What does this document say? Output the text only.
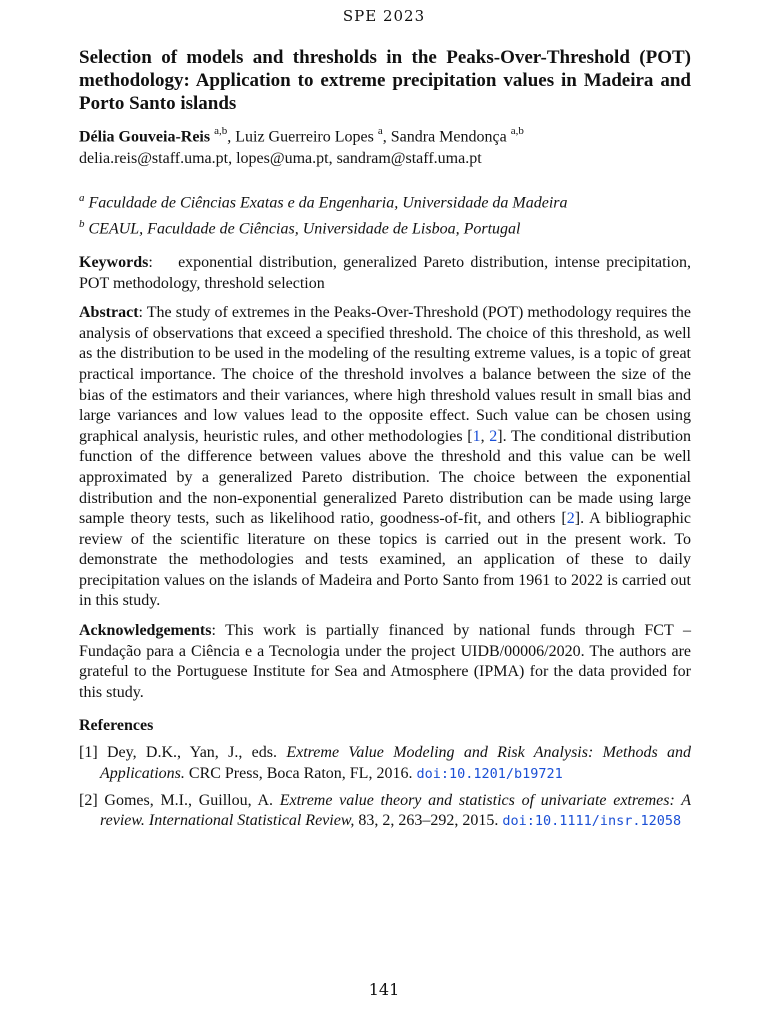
SPE 2023
Selection of models and thresholds in the Peaks-Over-Threshold (POT) methodology: Application to extreme precipitation values in Madeira and Porto Santo islands

Délia Gouveia-Reis $^{a,b}$, Luiz Guerreiro Lopes $^a$, Sandra Mendonça $^{a,b}$

delia.reis@staff.uma.pt, lopes@uma.pt, sandram@staff.uma.pt

$^a$ Faculdade de Ciências Exatas e da Engenharia, Universidade da Madeira

$^b$ CEAUL, Faculdade de Ciências, Universidade de Lisboa, Portugal

Keywords:    exponential distribution, generalized Pareto distribution, intense precipitation, POT methodology, threshold selection

Abstract: The study of extremes in the Peaks-Over-Threshold (POT) methodology requires the analysis of observations that exceed a specified threshold. The choice of this threshold, as well as the distribution to be used in the modeling of the resulting extreme values, is a topic of great practical importance. The choice of the threshold involves a balance between the size of the bias of the estimators and their variances, where high threshold values result in small bias and large variances and low values lead to the opposite effect. Such value can be chosen using graphical analysis, heuristic rules, and other methodologies [1, 2]. The conditional distribution function of the difference between values above the threshold and this value can be well approximated by a generalized Pareto distribution. The choice between the exponential distribution and the non-exponential generalized Pareto distribution can be made using large sample theory tests, such as likelihood ratio, goodness-of-fit, and others [2]. A bibliographic review of the scientific literature on these topics is carried out in the present work. To demonstrate the methodologies and tests examined, an application of these to daily precipitation values on the islands of Madeira and Porto Santo from 1961 to 2022 is carried out in this study.

Acknowledgements: This work is partially financed by national funds through FCT – Fundação para a Ciência e a Tecnologia under the project UIDB/00006/2020. The authors are grateful to the Portuguese Institute for Sea and Atmosphere (IPMA) for the data provided for this study.

References

[1] Dey, D.K., Yan, J., eds. Extreme Value Modeling and Risk Analysis: Methods and Applications. CRC Press, Boca Raton, FL, 2016. doi:10.1201/b19721

[2] Gomes, M.I., Guillou, A. Extreme value theory and statistics of univariate extremes: A review. International Statistical Review, 83, 2, 263–292, 2015. doi:10.1111/insr.12058

141
